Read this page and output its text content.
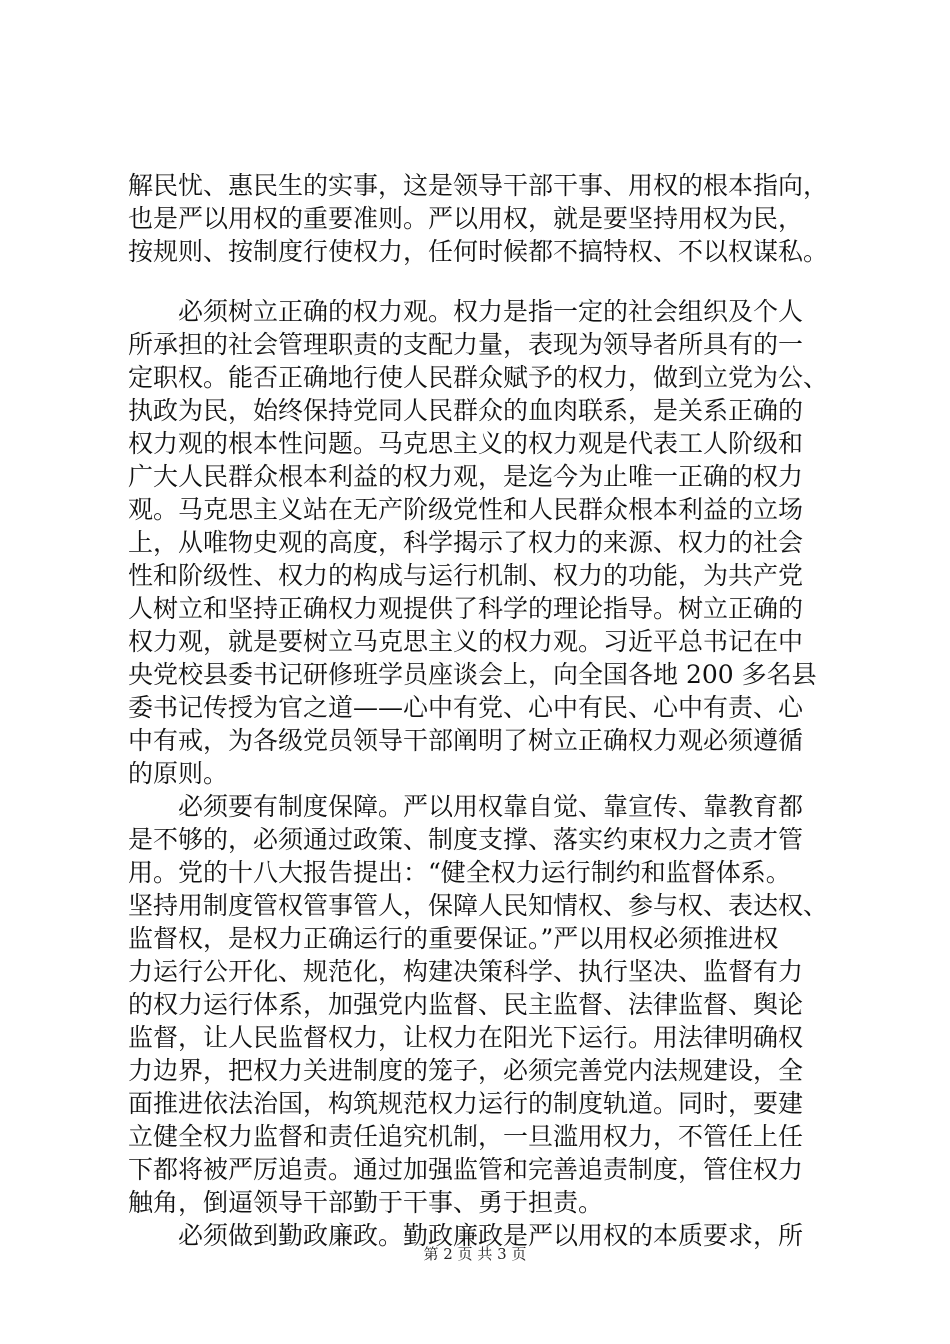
解民忧、惠民生的实事，这是领导干部干事、用权的根本指向，
也是严以用权的重要准则。严以用权，就是要坚持用权为民，
按规则、按制度行使权力，任何时候都不搞特权、不以权谋私。
　　必须树立正确的权力观。权力是指一定的社会组织及个人
所承担的社会管理职责的支配力量，表现为领导者所具有的一
定职权。能否正确地行使人民群众赋予的权力，做到立党为公、
执政为民，始终保持党同人民群众的血肉联系，是关系正确的
权力观的根本性问题。马克思主义的权力观是代表工人阶级和
广大人民群众根本利益的权力观，是迄今为止唯一正确的权力
观。马克思主义站在无产阶级党性和人民群众根本利益的立场
上，从唯物史观的高度，科学揭示了权力的来源、权力的社会
性和阶级性、权力的构成与运行机制、权力的功能，为共产党
人树立和坚持正确权力观提供了科学的理论指导。树立正确的
权力观，就是要树立马克思主义的权力观。习近平总书记在中
央党校县委书记研修班学员座谈会上，向全国各地 200 多名县
委书记传授为官之道——心中有党、心中有民、心中有责、心
中有戒，为各级党员领导干部阐明了树立正确权力观必须遵循
的原则。
　　必须要有制度保障。严以用权靠自觉、靠宣传、靠教育都
是不够的，必须通过政策、制度支撑、落实约束权力之责才管
用。党的十八大报告提出：“健全权力运行制约和监督体系。
坚持用制度管权管事管人，保障人民知情权、参与权、表达权、
监督权，是权力正确运行的重要保证。”严以用权必须推进权
力运行公开化、规范化，构建决策科学、执行坚决、监督有力
的权力运行体系，加强党内监督、民主监督、法律监督、舆论
监督，让人民监督权力，让权力在阳光下运行。用法律明确权
力边界，把权力关进制度的笼子，必须完善党内法规建设，全
面推进依法治国，构筑规范权力运行的制度轨道。同时，要建
立健全权力监督和责任追究机制，一旦滥用权力，不管任上任
下都将被严厉追责。通过加强监管和完善追责制度，管住权力
触角，倒逼领导干部勤于干事、勇于担责。
　　必须做到勤政廉政。勤政廉政是严以用权的本质要求，所
第 2 页 共 3 页
